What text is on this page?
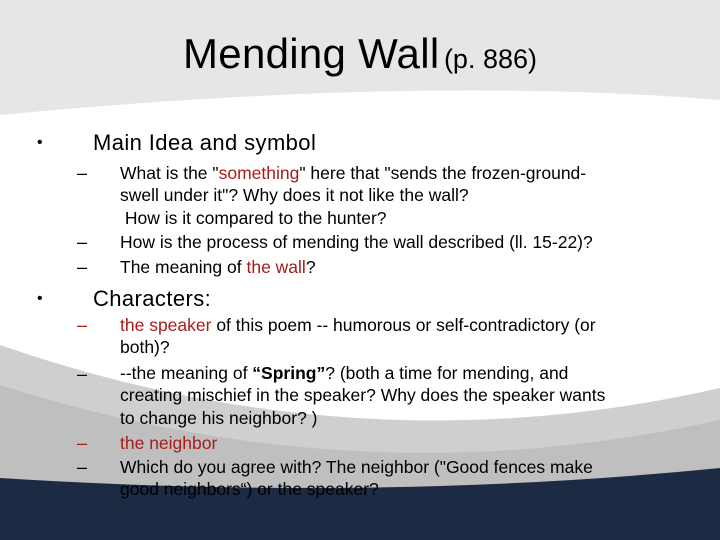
Mending Wall (p. 886)
• Main Idea and symbol
– What is the "something" here that "sends the frozen-ground-
swell under it"? Why does it not like the wall?
How is it compared to the hunter?
– How is the process of mending the wall described (ll. 15-22)?
– The meaning of the wall?
• Characters:
– the speaker of this poem -- humorous or self-contradictory (or
both)?
– --the meaning of “Spring”? (both a time for mending, and
creating mischief in the speaker? Why does the speaker wants
to change his neighbor? )
– the neighbor
– Which do you agree with? The neighbor ("Good fences make
good neighbors“) or the speaker?
